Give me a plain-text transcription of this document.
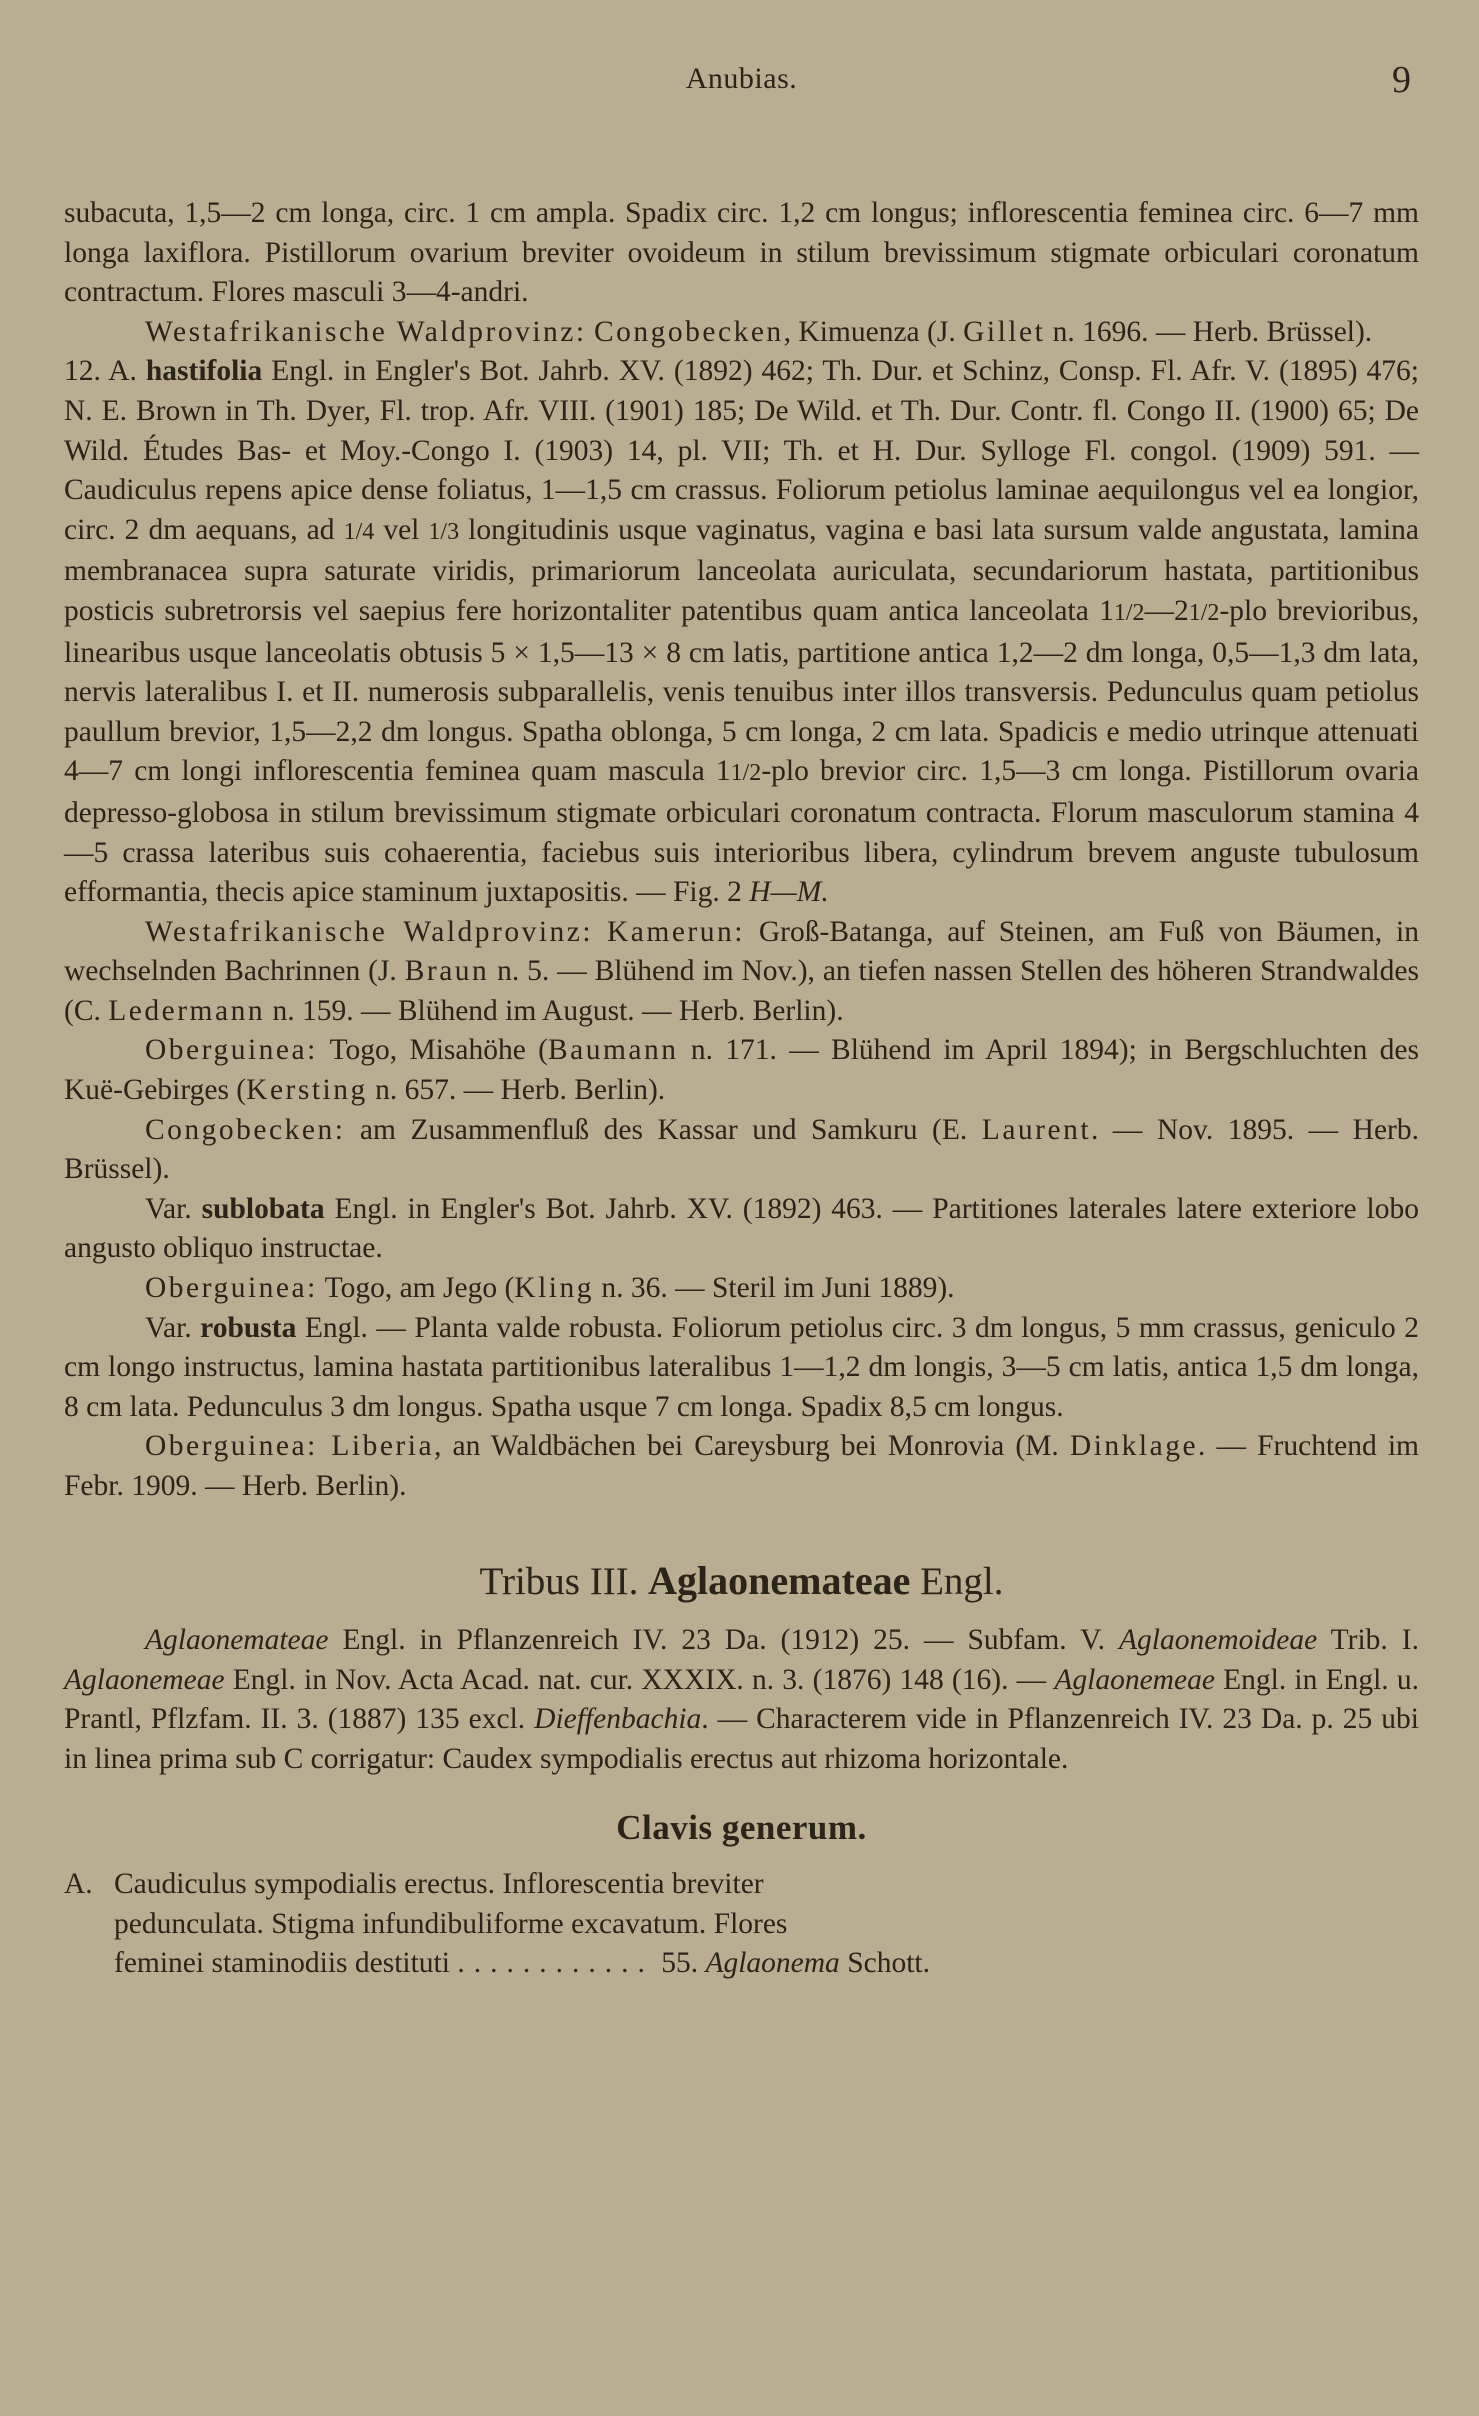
Anubias.	9

subacuta, 1,5—2 cm longa, circ. 1 cm ampla. Spadix circ. 1,2 cm longus; inflorescentia feminea circ. 6—7 mm longa laxiflora. Pistillorum ovarium breviter ovoideum in stilum brevissimum stigmate orbiculari coronatum contractum. Flores masculi 3—4-andri.

Westafrikanische Waldprovinz: Congobecken, Kimuenza (J. Gillet n. 1696. — Herb. Brüssel).

12. A. hastifolia Engl. in Engler's Bot. Jahrb. XV. (1892) 462; Th. Dur. et Schinz, Consp. Fl. Afr. V. (1895) 476; N. E. Brown in Th. Dyer, Fl. trop. Afr. VIII. (1901) 185; De Wild. et Th. Dur. Contr. fl. Congo II. (1900) 65; De Wild. Études Bas- et Moy.-Congo I. (1903) 14, pl. VII; Th. et H. Dur. Sylloge Fl. congol. (1909) 591. — Caudiculus repens apice dense foliatus, 1—1,5 cm crassus. Foliorum petiolus laminae aequilongus vel ea longior, circ. 2 dm aequans, ad 1/4 vel 1/3 longitudinis usque vaginatus, vagina e basi lata sursum valde angustata, lamina membranacea supra saturate viridis, primariorum lanceolata auriculata, secundariorum hastata, partitionibus posticis subretrorsis vel saepius fere horizontaliter patentibus quam antica lanceolata 11/2—21/2-plo brevioribus, linearibus usque lanceolatis obtusis 5 × 1,5—13 × 8 cm latis, partitione antica 1,2—2 dm longa, 0,5—1,3 dm lata, nervis lateralibus I. et II. numerosis subparallelis, venis tenuibus inter illos transversis. Pedunculus quam petiolus paullum brevior, 1,5—2,2 dm longus. Spatha oblonga, 5 cm longa, 2 cm lata. Spadicis e medio utrinque attenuati 4—7 cm longi inflorescentia feminea quam mascula 11/2-plo brevior circ. 1,5—3 cm longa. Pistillorum ovaria depresso-globosa in stilum brevissimum stigmate orbiculari coronatum contracta. Florum masculorum stamina 4—5 crassa lateribus suis cohaerentia, faciebus suis interioribus libera, cylindrum brevem anguste tubulosum efformantia, thecis apice staminum juxtapositis. — Fig. 2 H—M.

Westafrikanische Waldprovinz: Kamerun: Groß-Batanga, auf Steinen, am Fuß von Bäumen, in wechselnden Bachrinnen (J. Braun n. 5. — Blühend im Nov.), an tiefen nassen Stellen des höheren Strandwaldes (C. Ledermann n. 159. — Blühend im August. — Herb. Berlin).

Oberguinea: Togo, Misahöhe (Baumann n. 171. — Blühend im April 1894); in Bergschluchten des Kuë-Gebirges (Kersting n. 657. — Herb. Berlin).

Congobecken: am Zusammenfluß des Kassar und Samkuru (E. Laurent. — Nov. 1895. — Herb. Brüssel).

Var. sublobata Engl. in Engler's Bot. Jahrb. XV. (1892) 463. — Partitiones laterales latere exteriore lobo angusto obliquo instructae.

Oberguinea: Togo, am Jego (Kling n. 36. — Steril im Juni 1889).

Var. robusta Engl. — Planta valde robusta. Foliorum petiolus circ. 3 dm longus, 5 mm crassus, geniculo 2 cm longo instructus, lamina hastata partitionibus lateralibus 1—1,2 dm longis, 3—5 cm latis, antica 1,5 dm longa, 8 cm lata. Pedunculus 3 dm longus. Spatha usque 7 cm longa. Spadix 8,5 cm longus.

Oberguinea: Liberia, an Waldbächen bei Careysburg bei Monrovia (M. Dinklage. — Fruchtend im Febr. 1909. — Herb. Berlin).

Tribus III. Aglaonemateae Engl.

Aglaonemateae Engl. in Pflanzenreich IV. 23 Da. (1912) 25. — Subfam. V. Aglaonemoideae Trib. I. Aglaonemeae Engl. in Nov. Acta Acad. nat. cur. XXXIX. n. 3. (1876) 148 (16). — Aglaonemeae Engl. in Engl. u. Prantl, Pflzfam. II. 3. (1887) 135 excl. Dieffenbachia. — Characterem vide in Pflanzenreich IV. 23 Da. p. 25 ubi in linea prima sub C corrigatur: Caudex sympodialis erectus aut rhizoma horizontale.

Clavis generum.
A. Caudiculus sympodialis erectus. Inflorescentia breviter
pedunculata. Stigma infundibuliforme excavatum. Flores
feminei staminodiis destituti ............ 55. Aglaonema Schott.
